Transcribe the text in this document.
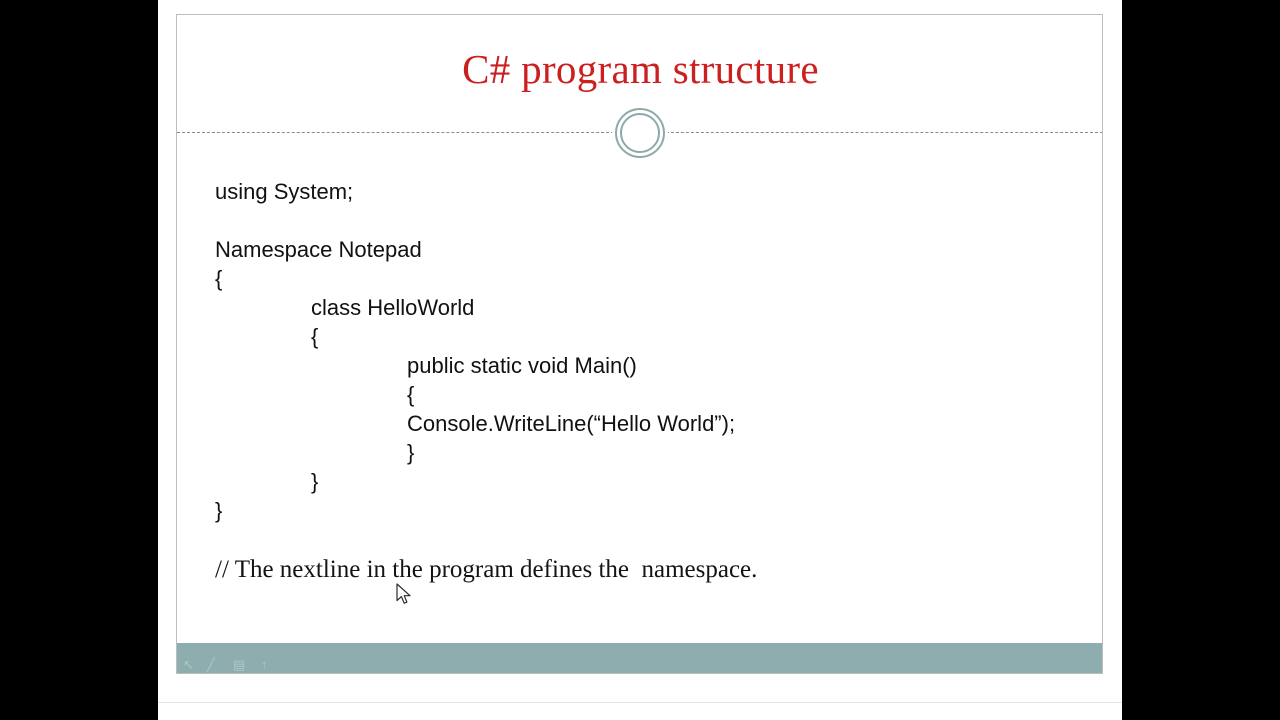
C# program structure
using System;
Namespace Notepad
{
class HelloWorld
{
public static void Main()
{
Console.WriteLine(“Hello World”);
}
}
}
// The nextline in the program defines the  namespace.
↖ ╱ ▤ ↑
